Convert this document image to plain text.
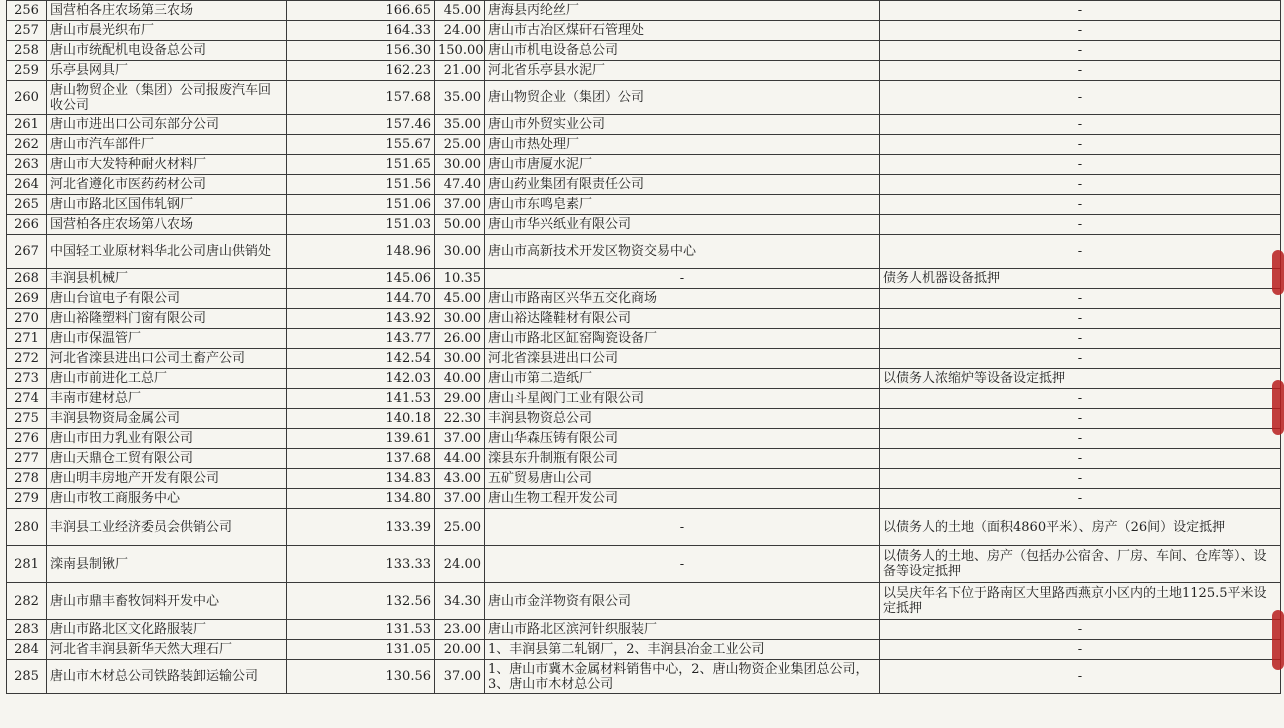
256	国营柏各庄农场第三农场	166.65	45.00	唐海县丙纶丝厂	-
257	唐山市晨光织布厂	164.33	24.00	唐山市古冶区煤矸石管理处	-
258	唐山市统配机电设备总公司	156.30	150.00	唐山市机电设备总公司	-
259	乐亭县网具厂	162.23	21.00	河北省乐亭县水泥厂	-
260	唐山物贸企业（集团）公司报废汽车回收公司	157.68	35.00	唐山物贸企业（集团）公司	-
261	唐山市进出口公司东部分公司	157.46	35.00	唐山市外贸实业公司	-
262	唐山市汽车部件厂	155.67	25.00	唐山市热处理厂	-
263	唐山市大发特种耐火材料厂	151.65	30.00	唐山市唐厦水泥厂	-
264	河北省遵化市医药药材公司	151.56	47.40	唐山药业集团有限责任公司	-
265	唐山市路北区国伟轧钢厂	151.06	37.00	唐山市东鸣皂素厂	-
266	国营柏各庄农场第八农场	151.03	50.00	唐山市华兴纸业有限公司	-
267	中国轻工业原材料华北公司唐山供销处	148.96	30.00	唐山市高新技术开发区物资交易中心	-
268	丰润县机械厂	145.06	10.35	-	债务人机器设备抵押
269	唐山台谊电子有限公司	144.70	45.00	唐山市路南区兴华五交化商场	-
270	唐山裕隆塑料门窗有限公司	143.92	30.00	唐山裕达隆鞋材有限公司	-
271	唐山市保温管厂	143.77	26.00	唐山市路北区缸窑陶瓷设备厂	-
272	河北省滦县进出口公司土畜产公司	142.54	30.00	河北省滦县进出口公司	-
273	唐山市前进化工总厂	142.03	40.00	唐山市第二造纸厂	以债务人浓缩炉等设备设定抵押
274	丰南市建材总厂	141.53	29.00	唐山斗星阀门工业有限公司	-
275	丰润县物资局金属公司	140.18	22.30	丰润县物资总公司	-
276	唐山市田力乳业有限公司	139.61	37.00	唐山华森压铸有限公司	-
277	唐山天鼎仓工贸有限公司	137.68	44.00	滦县东升制瓶有限公司	-
278	唐山明丰房地产开发有限公司	134.83	43.00	五矿贸易唐山公司	-
279	唐山市牧工商服务中心	134.80	37.00	唐山生物工程开发公司	-
280	丰润县工业经济委员会供销公司	133.39	25.00	-	以债务人的土地（面积4860平米）、房产（26间）设定抵押
281	滦南县制锹厂	133.33	24.00	-	以债务人的土地、房产（包括办公宿舍、厂房、车间、仓库等）、设备等设定抵押
282	唐山市鼎丰畜牧饲料开发中心	132.56	34.30	唐山市金洋物资有限公司	以吴庆年名下位于路南区大里路西燕京小区内的土地1125.5平米设定抵押
283	唐山市路北区文化路服装厂	131.53	23.00	唐山市路北区滨河针织服装厂	-
284	河北省丰润县新华天然大理石厂	131.05	20.00	1、丰润县第二轧钢厂，2、丰润县冶金工业公司	-
285	唐山市木材总公司铁路装卸运输公司	130.56	37.00	1、唐山市冀木金属材料销售中心，2、唐山物资企业集团总公司，3、唐山市木材总公司	-
